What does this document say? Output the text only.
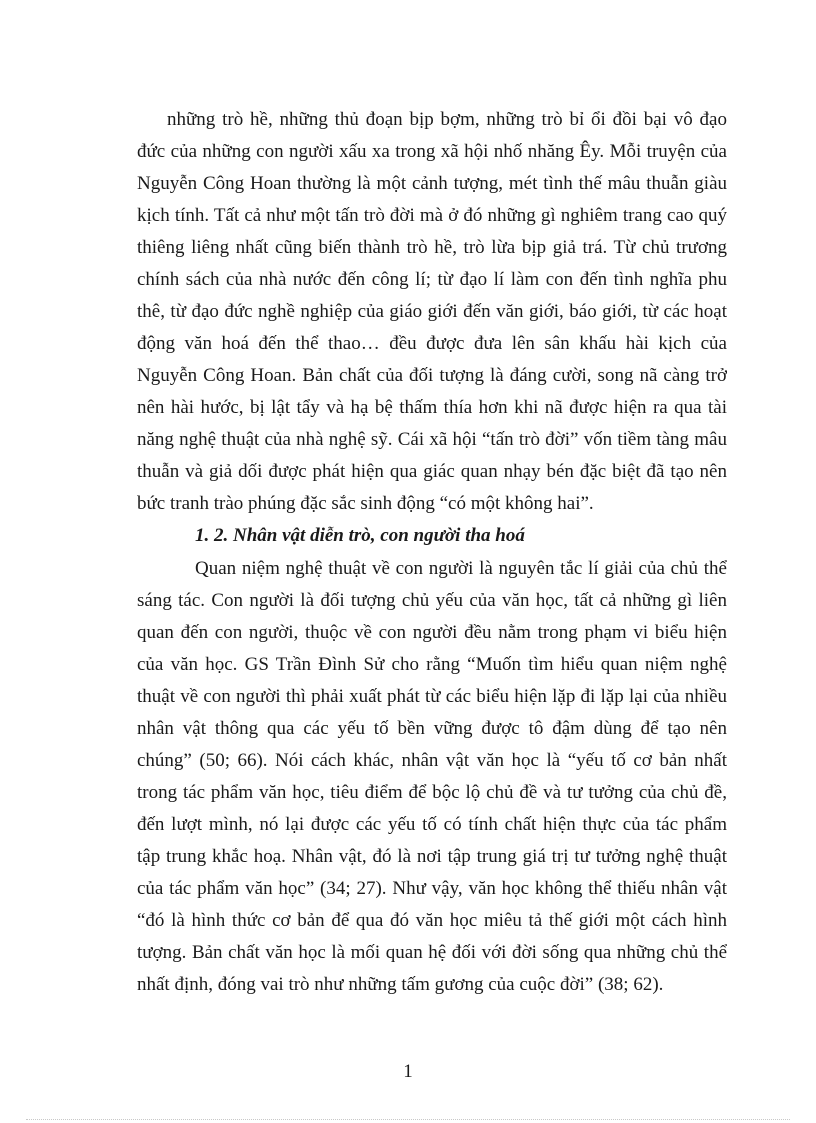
những trò hề, những thủ đoạn bịp bợm, những trò bỉ ổi đồi bại vô đạo
đức của những con người xấu xa trong xã hội nhố nhăng Êy. Mỗi truyện của
Nguyễn Công Hoan thường là một cảnh tượng, mét tình thế mâu thuẫn giàu
kịch tính. Tất cả như một tấn trò đời mà ở đó những gì nghiêm trang cao quý
thiêng liêng nhất cũng biến thành trò hề, trò lừa bịp giả trá. Từ chủ trương
chính sách của nhà nước đến công lí; từ đạo lí làm con đến tình nghĩa phu
thê, từ đạo đức nghề nghiệp của giáo giới đến văn giới, báo giới, từ các hoạt
động văn hoá đến thể thao… đều được đưa lên sân khấu hài kịch của
Nguyễn Công Hoan. Bản chất của đối tượng là đáng cười, song nã càng trở
nên hài hước, bị lật tẩy và hạ bệ thấm thía hơn khi nã được hiện ra qua tài
năng nghệ thuật của nhà nghệ sỹ. Cái xã hội “tấn trò đời” vốn tiềm tàng mâu
thuẫn và giả dối được phát hiện qua giác quan nhạy bén đặc biệt đã tạo nên
bức tranh trào phúng đặc sắc sinh động “có một không hai”.
1. 2. Nhân vật diễn trò, con người tha hoá
Quan niệm nghệ thuật về con người là nguyên tắc lí giải của chủ thể
sáng tác. Con người là đối tượng chủ yếu của văn học, tất cả những gì liên
quan đến con người, thuộc về con người đều nằm trong phạm vi biểu hiện
của văn học. GS Trần Đình Sử cho rằng “Muốn tìm hiểu quan niệm nghệ
thuật về con người thì phải xuất phát từ các biểu hiện lặp đi lặp lại của nhiều
nhân vật thông qua các yếu tố bền vững được tô đậm dùng để tạo nên
chúng” (50; 66). Nói cách khác, nhân vật văn học là “yếu tố cơ bản nhất
trong tác phẩm văn học, tiêu điểm để bộc lộ chủ đề và tư tưởng của chủ đề,
đến lượt mình, nó lại được các yếu tố có tính chất hiện thực của tác phẩm
tập trung khắc hoạ. Nhân vật, đó là nơi tập trung giá trị tư tưởng nghệ thuật
của tác phẩm văn học” (34; 27). Như vậy, văn học không thể thiếu nhân vật
“đó là hình thức cơ bản để qua đó văn học miêu tả thế giới một cách hình
tượng. Bản chất văn học là mối quan hệ đối với đời sống qua những chủ thể
nhất định, đóng vai trò như những tấm gương của cuộc đời” (38; 62).
1
